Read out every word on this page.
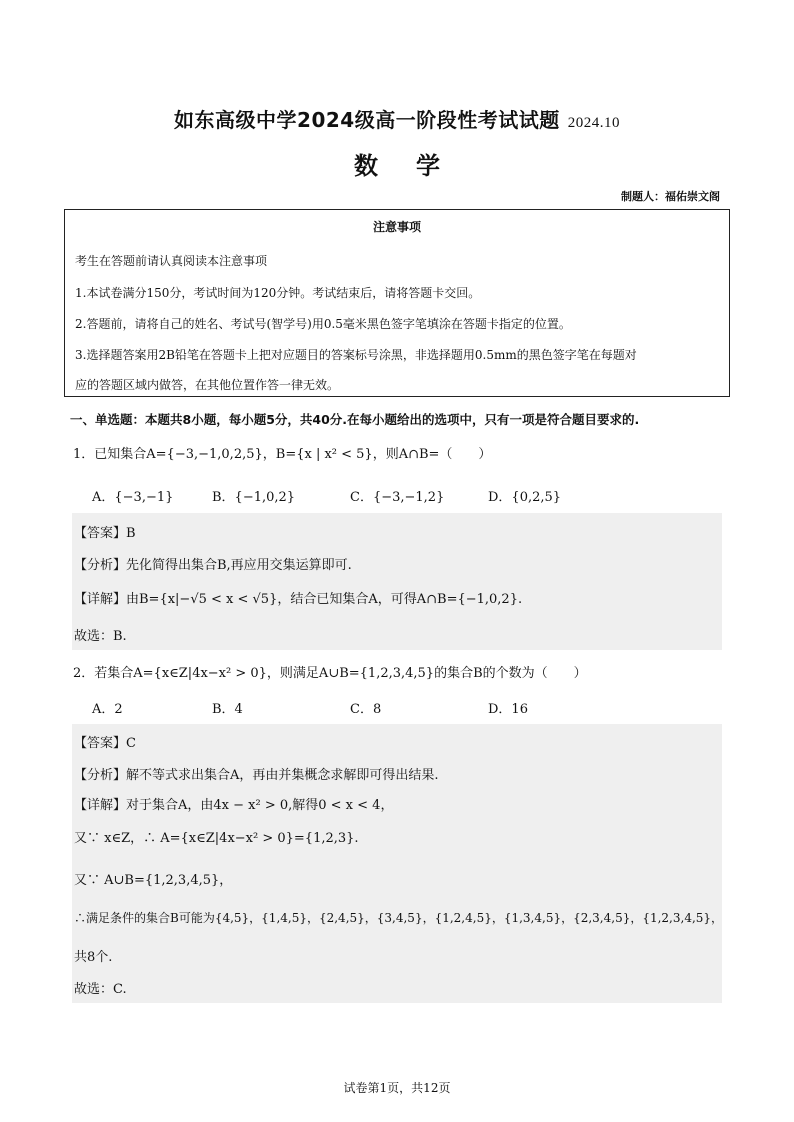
如东高级中学2024级高一阶段性考试试题 2024.10
数学
制题人：福佑崇文阁
注意事项
考生在答题前请认真阅读本注意事项
1.本试卷满分150分，考试时间为120分钟。考试结束后，请将答题卡交回。
2.答题前，请将自己的姓名、考试号(智学号)用0.5毫米黑色签字笔填涂在答题卡指定的位置。
3.选择题答案用2B铅笔在答题卡上把对应题目的答案标号涂黑，非选择题用0.5mm的黑色签字笔在每题对
应的答题区域内做答，在其他位置作答一律无效。
一、单选题：本题共8小题，每小题5分，共40分.在每小题给出的选项中，只有一项是符合题目要求的.
1．已知集合A={−3,−1,0,2,5}，B={x | x² < 5}，则A∩B=（　　）
A．{−3,−1}	B．{−1,0,2}	C．{−3,−1,2}	D．{0,2,5}
【答案】B
【分析】先化简得出集合B,再应用交集运算即可.
【详解】由B={x|−√5 < x < √5}，结合已知集合A，可得A∩B={−1,0,2}.
故选：B.
2．若集合A={x∈Z|4x−x² > 0}，则满足A∪B={1,2,3,4,5}的集合B的个数为（　　）
A．2	B．4	C．8	D．16
【答案】C
【分析】解不等式求出集合A，再由并集概念求解即可得出结果.
【详解】对于集合A，由4x − x² > 0,解得0 < x < 4，
又∵ x∈Z，∴ A={x∈Z|4x−x² > 0}={1,2,3}.
又∵ A∪B={1,2,3,4,5}，
∴满足条件的集合B可能为{4,5}，{1,4,5}，{2,4,5}，{3,4,5}，{1,2,4,5}，{1,3,4,5}，{2,3,4,5}，{1,2,3,4,5}，
共8个.
故选：C.
试卷第1页，共12页
